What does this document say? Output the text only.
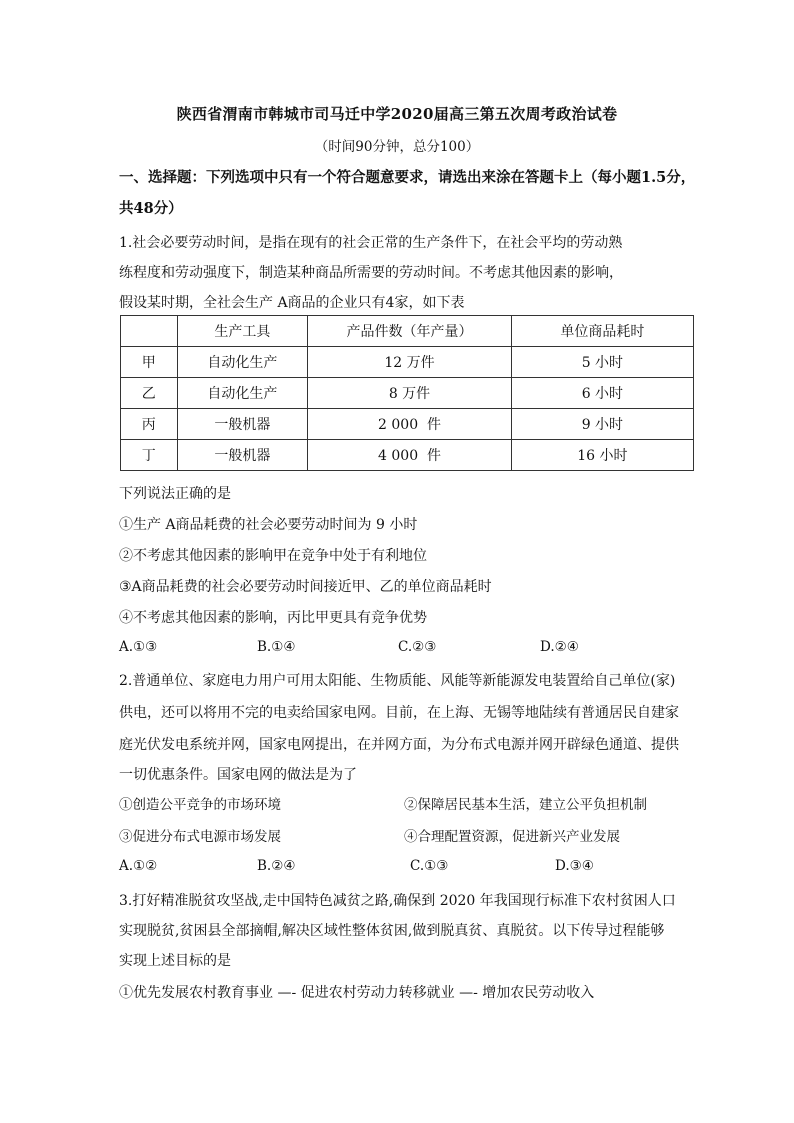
陕西省渭南市韩城市司马迁中学2020届高三第五次周考政治试卷
（时间90分钟，总分100）
一、选择题：下列选项中只有一个符合题意要求，请选出来涂在答题卡上（每小题1.5分，
共48分）
1.社会必要劳动时间，是指在现有的社会正常的生产条件下，在社会平均的劳动熟
练程度和劳动强度下，制造某种商品所需要的劳动时间。不考虑其他因素的影响，
假设某时期，全社会生产 A商品的企业只有4家，如下表
	生产工具	产品件数（年产量）	单位商品耗时
甲	自动化生产	12 万件	5 小时
乙	自动化生产	8 万件	6 小时
丙	一般机器	2 000  件	9 小时
丁	一般机器	4 000  件	16 小时
下列说法正确的是
①生产 A商品耗费的社会必要劳动时间为 9 小时
②不考虑其他因素的影响甲在竞争中处于有利地位
③A商品耗费的社会必要劳动时间接近甲、乙的单位商品耗时
④不考虑其他因素的影响，丙比甲更具有竞争优势
A.①③	B.①④	C.②③	D.②④
2.普通单位、家庭电力用户可用太阳能、生物质能、风能等新能源发电装置给自己单位(家)
供电，还可以将用不完的电卖给国家电网。目前，在上海、无锡等地陆续有普通居民自建家
庭光伏发电系统并网，国家电网提出，在并网方面，为分布式电源并网开辟绿色通道、提供
一切优惠条件。国家电网的做法是为了
①创造公平竞争的市场环境	②保障居民基本生活，建立公平负担机制
③促进分布式电源市场发展	④合理配置资源，促进新兴产业发展
A.①②	B.②④	C.①③	D.③④
3.打好精准脱贫攻坚战,走中国特色减贫之路,确保到 2020 年我国现行标准下农村贫困人口
实现脱贫,贫困县全部摘帽,解决区域性整体贫困,做到脱真贫、真脱贫。以下传导过程能够
实现上述目标的是
①优先发展农村教育事业 —- 促进农村劳动力转移就业 —- 增加农民劳动收入
